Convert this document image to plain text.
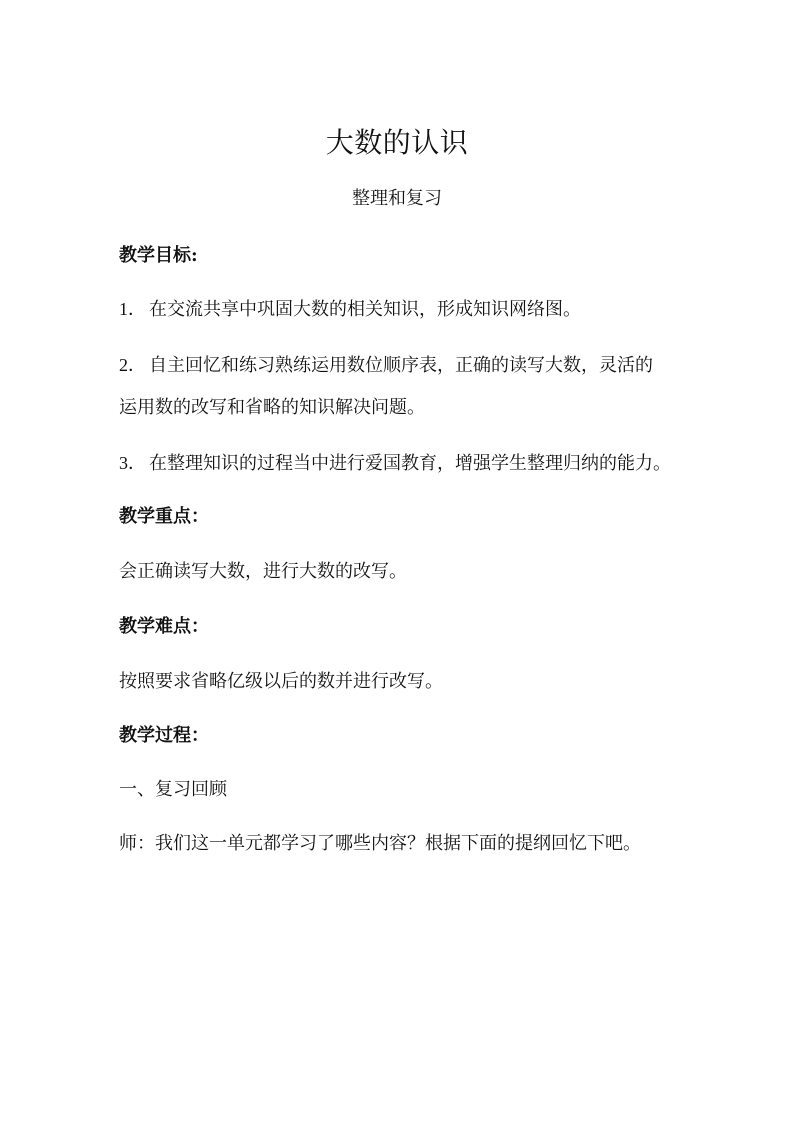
大数的认识
整理和复习
教学目标:
1． 在交流共享中巩固大数的相关知识，形成知识网络图。
2． 自主回忆和练习熟练运用数位顺序表，正确的读写大数，灵活的
运用数的改写和省略的知识解决问题。
3． 在整理知识的过程当中进行爱国教育，增强学生整理归纳的能力。
教学重点：
会正确读写大数，进行大数的改写。
教学难点：
按照要求省略亿级以后的数并进行改写。
教学过程：
一、复习回顾
师：我们这一单元都学习了哪些内容？根据下面的提纲回忆下吧。
